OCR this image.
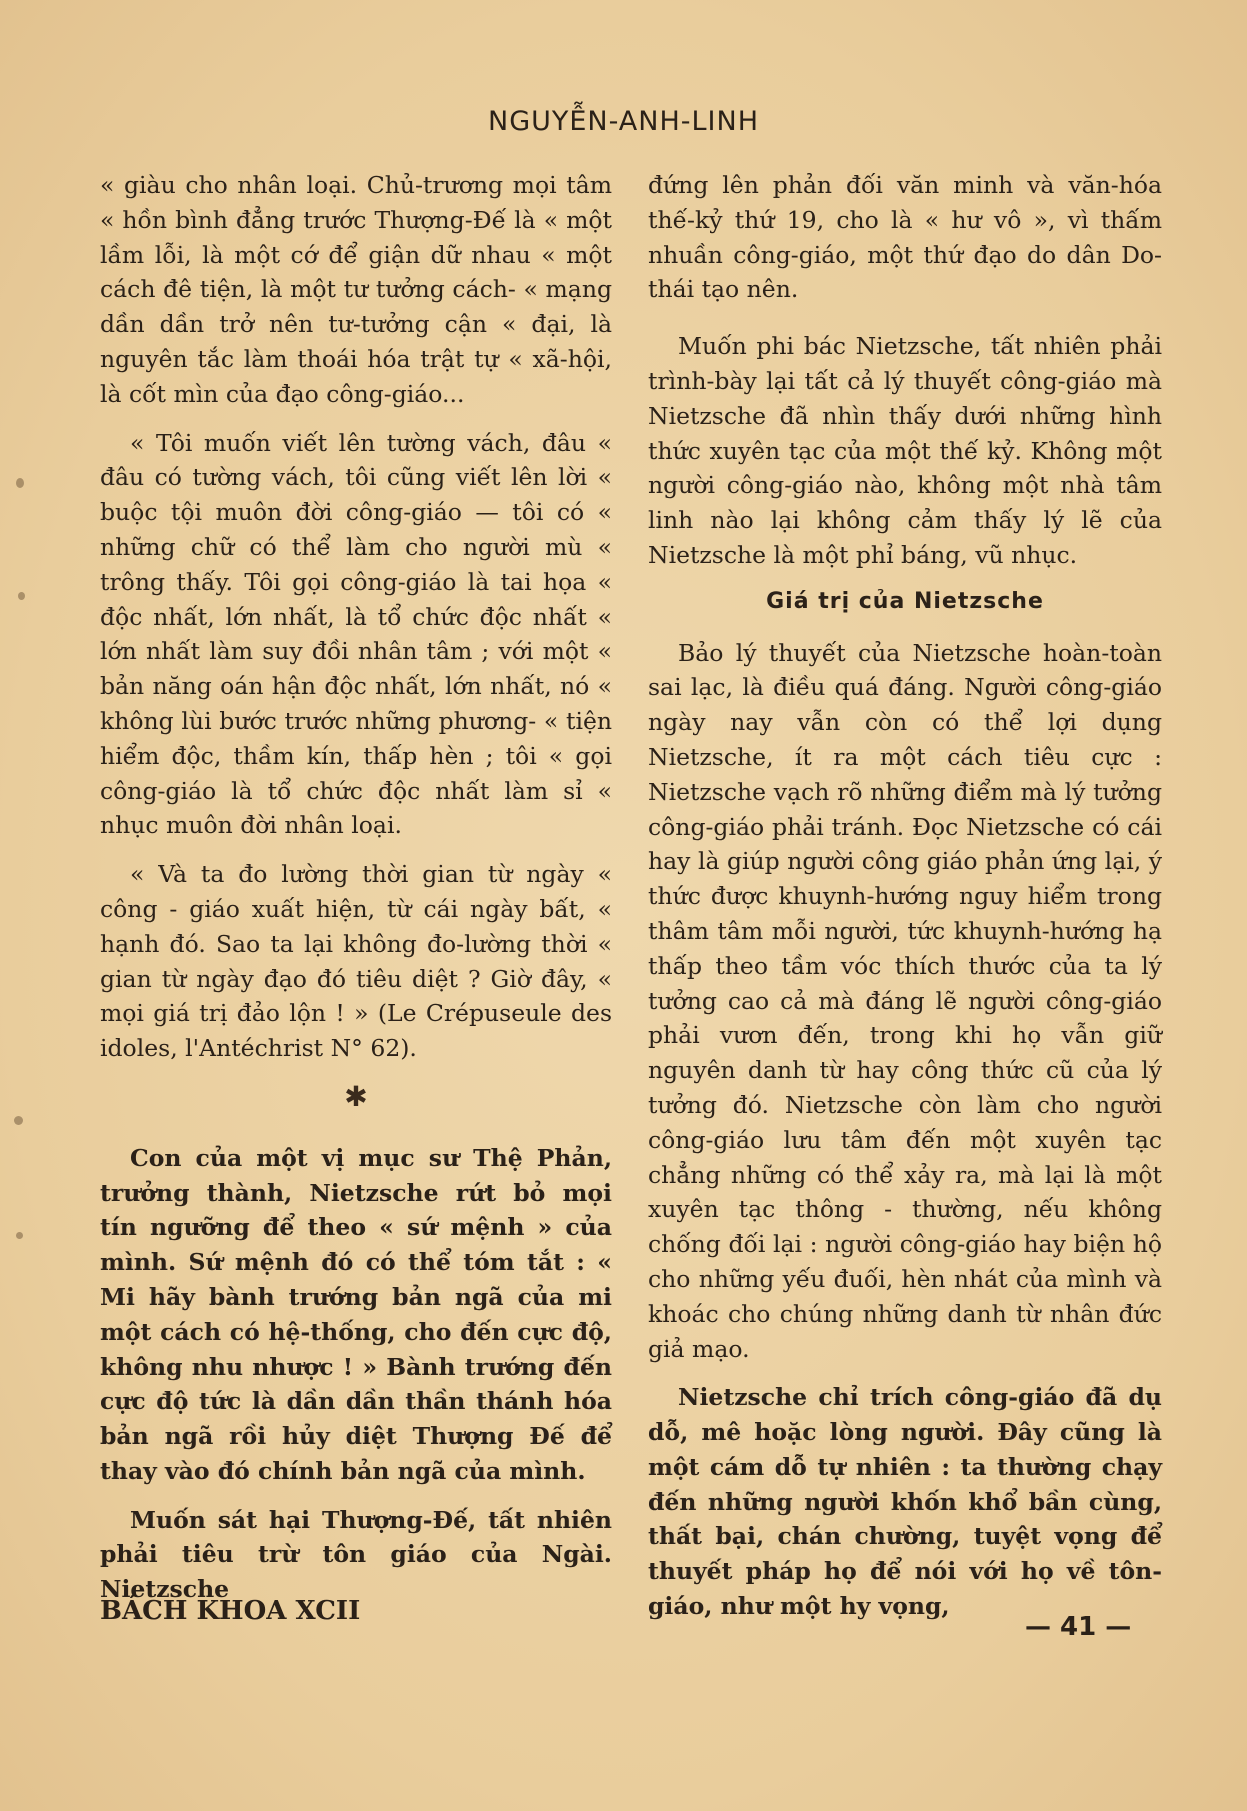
NGUYỄN-ANH-LINH

« giàu cho nhân loại. Chủ-trương mọi tâm « hồn bình đẳng trước Thượng-Đế là « một lầm lỗi, là một cớ để giận dữ nhau « một cách đê tiện, là một tư tưởng cách- « mạng dần dần trở nên tư-tưởng cận « đại, là nguyên tắc làm thoái hóa trật tự « xã-hội, là cốt mìn của đạo công-giáo...

« Tôi muốn viết lên tường vách, đâu « đâu có tường vách, tôi cũng viết lên lời « buộc tội muôn đời công-giáo — tôi có « những chữ có thể làm cho người mù « trông thấy. Tôi gọi công-giáo là tai họa « độc nhất, lớn nhất, là tổ chức độc nhất « lớn nhất làm suy đồi nhân tâm ; với một « bản năng oán hận độc nhất, lớn nhất, nó « không lùi bước trước những phương- « tiện hiểm độc, thầm kín, thấp hèn ; tôi « gọi công-giáo là tổ chức độc nhất làm sỉ « nhục muôn đời nhân loại.

« Và ta đo lường thời gian từ ngày « công - giáo xuất hiện, từ cái ngày bất, « hạnh đó. Sao ta lại không đo-lường thời « gian từ ngày đạo đó tiêu diệt ? Giờ đây, « mọi giá trị đảo lộn ! » (Le Crépuseule des idoles, l'Antéchrist N° 62).

✱

Con của một vị mục sư Thệ Phản, trưởng thành, Nietzsche rứt bỏ mọi tín ngưỡng để theo « sứ mệnh » của mình. Sứ mệnh đó có thể tóm tắt : « Mi hãy bành trướng bản ngã của mi một cách có hệ-thống, cho đến cực độ, không nhu nhược ! » Bành trướng đến cực độ tức là dần dần thần thánh hóa bản ngã rồi hủy diệt Thượng Đế để thay vào đó chính bản ngã của mình.

Muốn sát hại Thượng-Đế, tất nhiên phải tiêu trừ tôn giáo của Ngài. Nietzsche

đứng lên phản đối văn minh và văn-hóa thế-kỷ thứ 19, cho là « hư vô », vì thấm nhuần công-giáo, một thứ đạo do dân Do-thái tạo nên.

Muốn phi bác Nietzsche, tất nhiên phải trình-bày lại tất cả lý thuyết công-giáo mà Nietzsche đã nhìn thấy dưới những hình thức xuyên tạc của một thế kỷ. Không một người công-giáo nào, không một nhà tâm linh nào lại không cảm thấy lý lẽ của Nietzsche là một phỉ báng, vũ nhục.

Giá trị của Nietzsche

Bảo lý thuyết của Nietzsche hoàn-toàn sai lạc, là điều quá đáng. Người công-giáo ngày nay vẫn còn có thể lợi dụng Nietzsche, ít ra một cách tiêu cực : Nietzsche vạch rõ những điểm mà lý tưởng công-giáo phải tránh. Đọc Nietzsche có cái hay là giúp người công giáo phản ứng lại, ý thức được khuynh-hướng nguy hiểm trong thâm tâm mỗi người, tức khuynh-hướng hạ thấp theo tầm vóc thích thước của ta lý tưởng cao cả mà đáng lẽ người công-giáo phải vươn đến, trong khi họ vẫn giữ nguyên danh từ hay công thức cũ của lý tưởng đó. Nietzsche còn làm cho người công-giáo lưu tâm đến một xuyên tạc chẳng những có thể xảy ra, mà lại là một xuyên tạc thông - thường, nếu không chống đối lại : người công-giáo hay biện hộ cho những yếu đuối, hèn nhát của mình và khoác cho chúng những danh từ nhân đức giả mạo.

Nietzsche chỉ trích công-giáo đã dụ dỗ, mê hoặc lòng người. Đây cũng là một cám dỗ tự nhiên : ta thường chạy đến những người khốn khổ bần cùng, thất bại, chán chường, tuyệt vọng để thuyết pháp họ để nói với họ về tôn-giáo, như một hy vọng,

BÁCH KHOA XCII
— 41 —
